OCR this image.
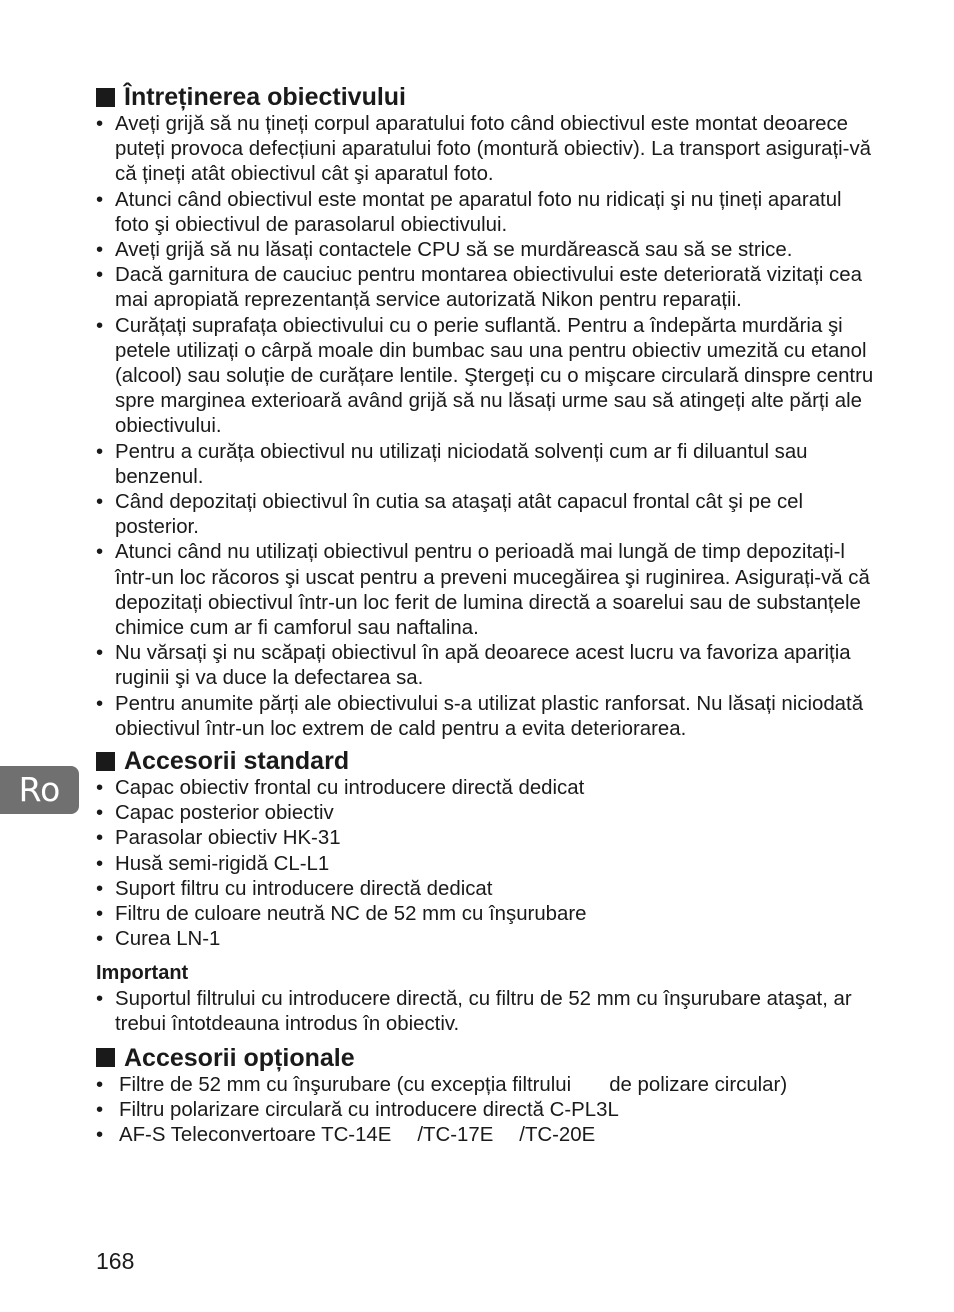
Ro
Întreținerea obiectivului
• Aveți grijă să nu țineți corpul aparatului foto când obiectivul este montat deoarece puteți provoca defecțiuni aparatului foto (montură obiectiv). La transport asigurați-vă că țineți atât obiectivul cât şi aparatul foto.
• Atunci când obiectivul este montat pe aparatul foto nu ridicați şi nu țineți aparatul foto şi obiectivul de parasolarul obiectivului.
• Aveți grijă să nu lăsați contactele CPU să se murdărească sau să se strice.
• Dacă garnitura de cauciuc pentru montarea obiectivului este deteriorată vizitați cea mai apropiată reprezentanță service autorizată Nikon pentru reparații.
• Curățați suprafața obiectivului cu o perie suflantă. Pentru a îndepărta murdăria şi petele utilizați o cârpă moale din bumbac sau una pentru obiectiv umezită cu etanol (alcool) sau soluție de curățare lentile. Ştergeți cu o mişcare circulară dinspre centru spre marginea exterioară având grijă să nu lăsați urme sau să atingeți alte părți ale obiectivului.
• Pentru a curăța obiectivul nu utilizați niciodată solvenți cum ar fi diluantul sau benzenul.
• Când depozitați obiectivul în cutia sa ataşați atât capacul frontal cât şi pe cel posterior.
• Atunci când nu utilizați obiectivul pentru o perioadă mai lungă de timp depozitați-l într-un loc răcoros şi uscat pentru a preveni mucegăirea şi ruginirea. Asigurați-vă că depozitați obiectivul într-un loc ferit de lumina directă a soarelui sau de substanțele chimice cum ar fi camforul sau naftalina.
• Nu vărsați şi nu scăpați obiectivul în apă deoarece acest lucru va favoriza apariția ruginii şi va duce la defectarea sa.
• Pentru anumite părți ale obiectivului s-a utilizat plastic ranforsat. Nu lăsați niciodată obiectivul într-un loc extrem de cald pentru a evita deteriorarea.
Accesorii standard
• Capac obiectiv frontal cu introducere directă dedicat
• Capac posterior obiectiv
• Parasolar obiectiv HK-31
• Husă semi-rigidă CL-L1
• Suport filtru cu introducere directă dedicat
• Filtru de culoare neutră NC de 52 mm cu înşurubare
• Curea LN-1
Important
• Suportul filtrului cu introducere directă, cu filtru de 52 mm cu înşurubare ataşat, ar trebui întotdeauna introdus în obiectiv.
Accesorii opționale
• Filtre de 52 mm cu înşurubare (cu excepția filtrului de polizare circular)
• Filtru polarizare circulară cu introducere directă C-PL3L
• AF-S Teleconvertoare TC-14E /TC-17E /TC-20E
168
